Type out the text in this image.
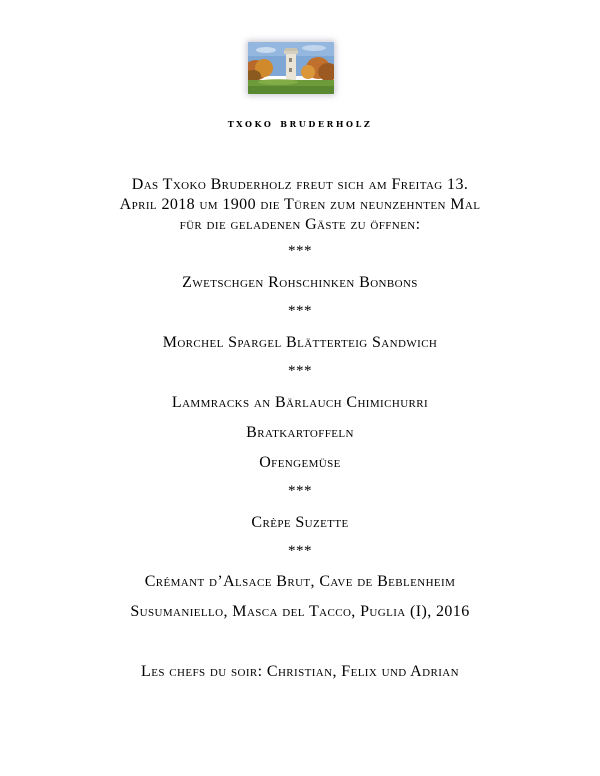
txoko bruderholz
Das Txoko Bruderholz freut sich am Freitag 13.
April 2018 um 1900 die Türen zum neunzehnten Mal
für die geladenen Gäste zu öffnen:
***
Zwetschgen Rohschinken Bonbons
***
Morchel Spargel Blätterteig Sandwich
***
Lammracks an Bärlauch Chimichurri
Bratkartoffeln
Ofengemüse
***
Crèpe Suzette
***
Crémant d’Alsace Brut, Cave de Beblenheim
Susumaniello, Masca del Tacco, Puglia (I), 2016
Les chefs du soir: Christian, Felix und Adrian
